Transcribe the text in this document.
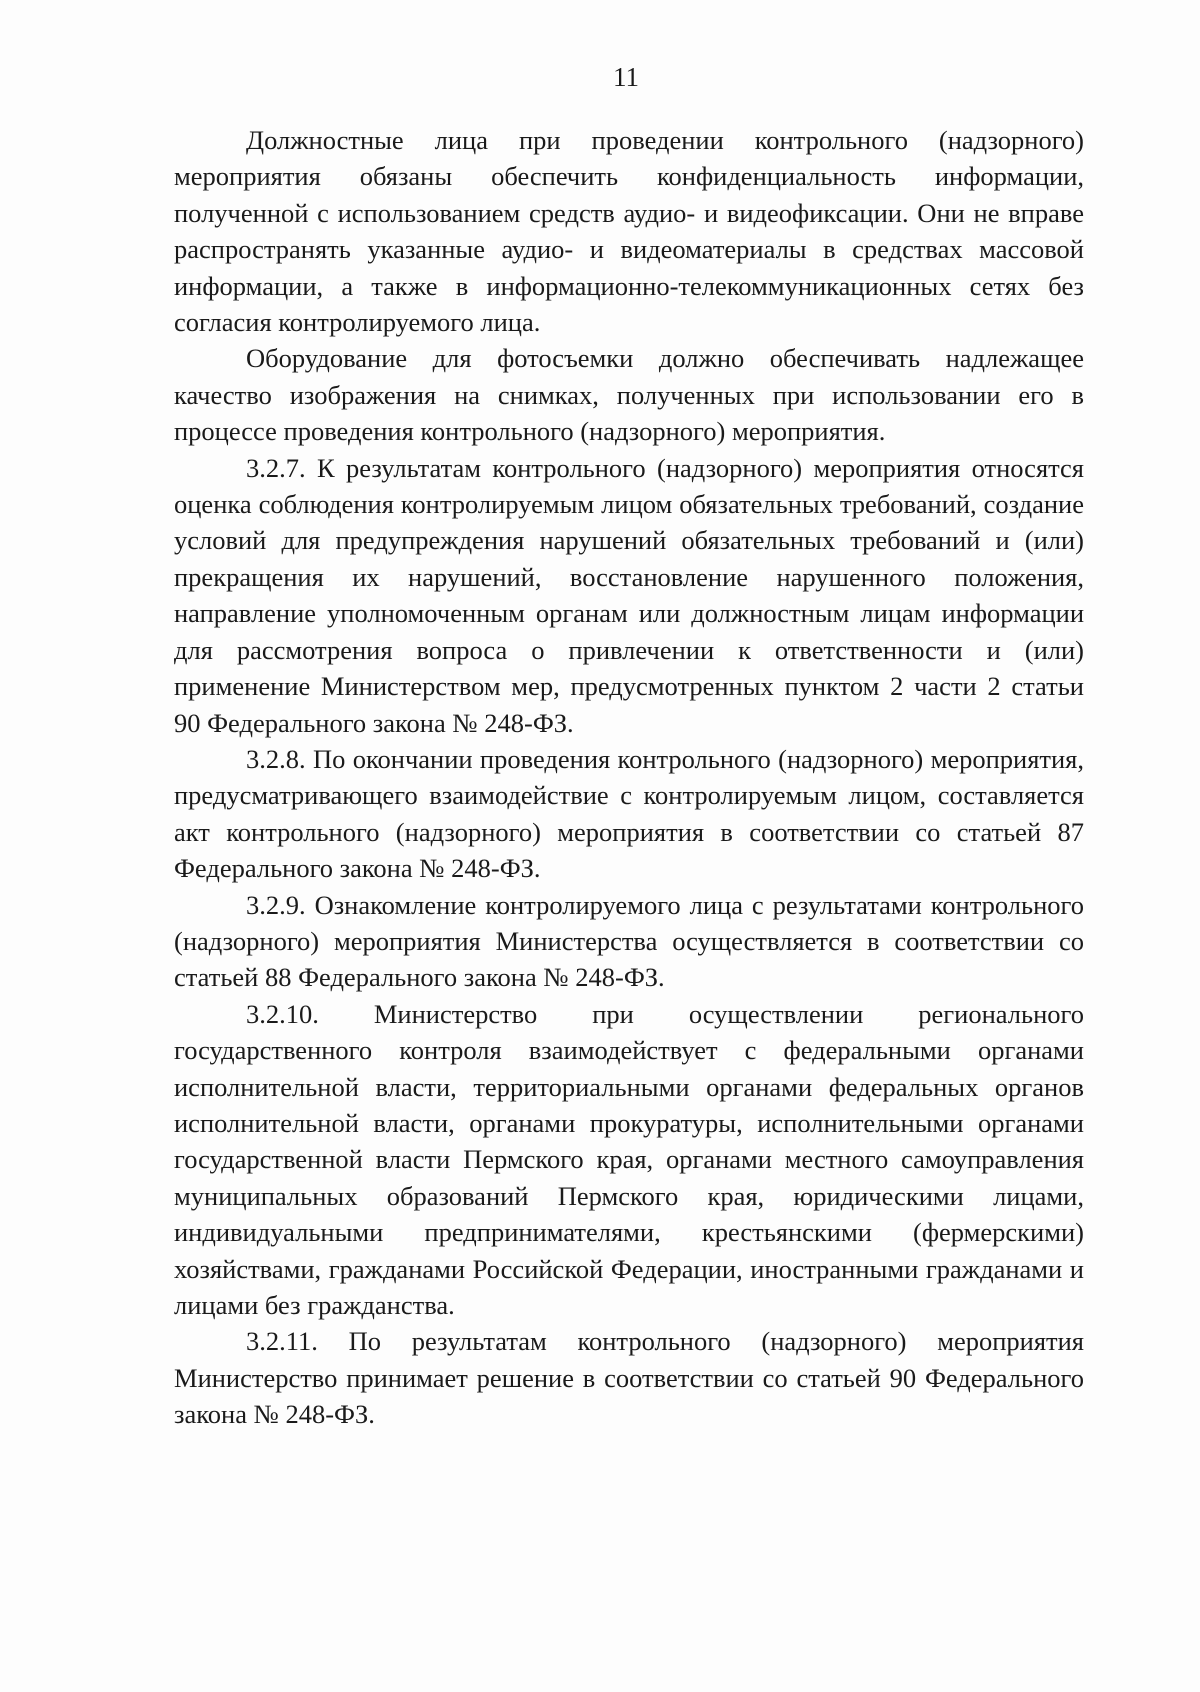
11

Должностные лица при проведении контрольного (надзорного) мероприятия обязаны обеспечить конфиденциальность информации, полученной с использованием средств аудио- и видеофиксации. Они не вправе распространять указанные аудио- и видеоматериалы в средствах массовой информации, а также в информационно-телекоммуникационных сетях без согласия контролируемого лица.

Оборудование для фотосъемки должно обеспечивать надлежащее качество изображения на снимках, полученных при использовании его в процессе проведения контрольного (надзорного) мероприятия.

3.2.7. К результатам контрольного (надзорного) мероприятия относятся оценка соблюдения контролируемым лицом обязательных требований, создание условий для предупреждения нарушений обязательных требований и (или) прекращения их нарушений, восстановление нарушенного положения, направление уполномоченным органам или должностным лицам информации для рассмотрения вопроса о привлечении к ответственности и (или) применение Министерством мер, предусмотренных пунктом 2 части 2 статьи 90 Федерального закона № 248-ФЗ.

3.2.8. По окончании проведения контрольного (надзорного) мероприятия, предусматривающего взаимодействие с контролируемым лицом, составляется акт контрольного (надзорного) мероприятия в соответствии со статьей 87 Федерального закона № 248-ФЗ.

3.2.9. Ознакомление контролируемого лица с результатами контрольного (надзорного) мероприятия Министерства осуществляется в соответствии со статьей 88 Федерального закона № 248-ФЗ.

3.2.10. Министерство при осуществлении регионального государственного контроля взаимодействует с федеральными органами исполнительной власти, территориальными органами федеральных органов исполнительной власти, органами прокуратуры, исполнительными органами государственной власти Пермского края, органами местного самоуправления муниципальных образований Пермского края, юридическими лицами, индивидуальными предпринимателями, крестьянскими (фермерскими) хозяйствами, гражданами Российской Федерации, иностранными гражданами и лицами без гражданства.

3.2.11. По результатам контрольного (надзорного) мероприятия Министерство принимает решение в соответствии со статьей 90 Федерального закона № 248-ФЗ.
